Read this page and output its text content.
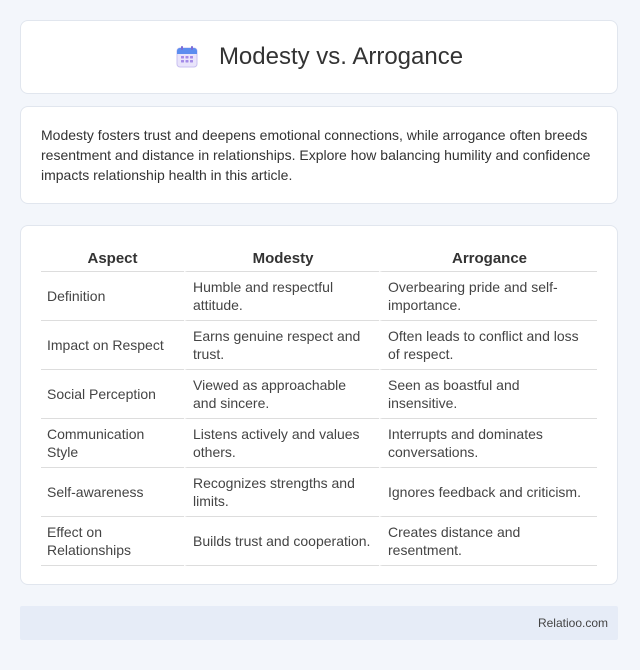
Modesty vs. Arrogance

Modesty fosters trust and deepens emotional connections, while arrogance often breeds resentment and distance in relationships. Explore how balancing humility and confidence impacts relationship health in this article.

Aspect	Modesty	Arrogance
Definition	Humble and respectful attitude.	Overbearing pride and self-importance.
Impact on Respect	Earns genuine respect and trust.	Often leads to conflict and loss of respect.
Social Perception	Viewed as approachable and sincere.	Seen as boastful and insensitive.
Communication Style	Listens actively and values others.	Interrupts and dominates conversations.
Self-awareness	Recognizes strengths and limits.	Ignores feedback and criticism.
Effect on Relationships	Builds trust and cooperation.	Creates distance and resentment.
Relatioo.com
